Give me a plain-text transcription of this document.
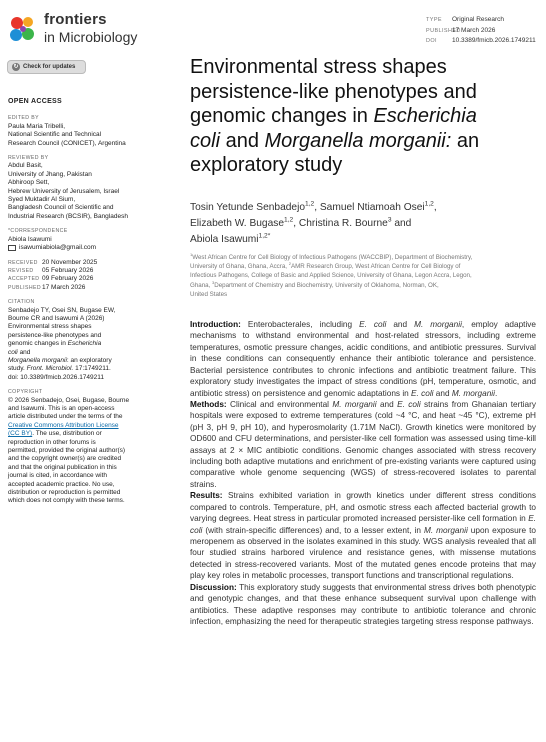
frontiers
in Microbiology
TYPE Original Research
PUBLISHED17 March 2026
DOI 10.3389/fmicb.2026.1749211
↻ Check for updates
OPEN ACCESS
EDITED BY
Paula Maria Tribelli,
National Scientific and Technical
Research Council (CONICET), Argentina
REVIEWED BY
Abdul Basit,
University of Jhang, Pakistan
Abhiroop Sett,
Hebrew University of Jerusalem, Israel
Syed Muktadir Al Sium,
Bangladesh Council of Scientific and
Industrial Research (BCSIR), Bangladesh
*CORRESPONDENCE
Abiola Isawumi
isawumiabiola@gmail.com
RECEIVED 20 November 2025
REVISED 05 February 2026
ACCEPTED 09 February 2026
PUBLISHED17 March 2026
CITATION
Senbadejo TY, Osei SN, Bugase EW,
Bourne CR and Isawumi A (2026)
Environmental stress shapes
persistence-like phenotypes and
genomic changes in Escherichia
coli and
Morganella morganii: an exploratory
study. Front. Microbiol. 17:1749211.
doi: 10.3389/fmicb.2026.1749211
COPYRIGHT
© 2026 Senbadejo, Osei, Bugase, Bourne
and Isawumi. This is an open-access
article distributed under the terms of the
Creative Commons Attribution License
(CC BY). The use, distribution or
reproduction in other forums is
permitted, provided the original author(s)
and the copyright owner(s) are credited
and that the original publication in this
journal is cited, in accordance with
accepted academic practice. No use,
distribution or reproduction is permitted
which does not comply with these terms.
Environmental stress shapes
persistence-like phenotypes and
genomic changes in Escherichia
coli and Morganella morganii: an
exploratory study
Tosin Yetunde Senbadejo$^{1,2}$, Samuel Ntiamoah Osei$^{1,2}$,
Elizabeth W. Bugase$^{1,2}$, Christina R. Bourne$^3$ and
Abiola Isawumi$^{1,2*}$
$^1$West African Centre for Cell Biology of Infectious Pathogens (WACCBIP), Department of Biochemistry,
University of Ghana, Ghana, Accra, $^2$AMR Research Group, West African Centre for Cell Biology of
Infectious Pathogens, College of Basic and Applied Science, University of Ghana, Legon Accra, Legon,
Ghana, $^3$Department of Chemistry and Biochemistry, University of Oklahoma, Norman, OK,
United States

Introduction: Enterobacterales, including E. coli and M. morganii, employ adaptive mechanisms to withstand environmental and host-related stressors, including extreme temperatures, osmotic pressure changes, acidic conditions, and antibiotic pressures. Survival in these conditions can consequently enhance their antibiotic tolerance and persistence. Bacterial persistence contributes to chronic infections and antibiotic treatment failure. This exploratory study investigates the impact of stress conditions (pH, temperature, osmotic, and antibiotic stress) on persistence and genomic adaptations in E. coli and M. morganii.

Methods: Clinical and environmental M. morganii and E. coli strains from Ghanaian tertiary hospitals were exposed to extreme temperatures (cold ~4 °C, and heat ~45 °C), extreme pH (pH 3, pH 9, pH 10), and hyperosmolarity (1.71M NaCl). Growth kinetics were monitored by OD600 and CFU determinations, and persister-like cell formation was assessed using time-kill assays at 2 × MIC antibiotic conditions. Genomic changes associated with stress recovery including both adaptive mutations and enrichment of pre-existing variants were captured using comparative whole genome sequencing (WGS) of stress-recovered isolates to parental strains.

Results: Strains exhibited variation in growth kinetics under different stress conditions compared to controls. Temperature, pH, and osmotic stress each affected bacterial growth to varying degrees. Heat stress in particular promoted increased persister-like cell formation in E. coli (with strain-specific differences) and, to a lesser extent, in M. morganii upon exposure to meropenem as observed in the isolates examined in this study. WGS analysis revealed that all four studied strains harbored virulence and resistance genes, with missense mutations detected in stress-recovered variants. Most of the mutated genes encode proteins that may play key roles in metabolic processes, transport functions and transcriptional regulations.

Discussion: This exploratory study suggests that environmental stress drives both phenotypic and genotypic changes, and that these enhance subsequent survival upon challenge with antibiotics. These adaptive responses may contribute to antibiotic tolerance and chronic infection, emphasizing the need for therapeutic strategies targeting stress response pathways.
